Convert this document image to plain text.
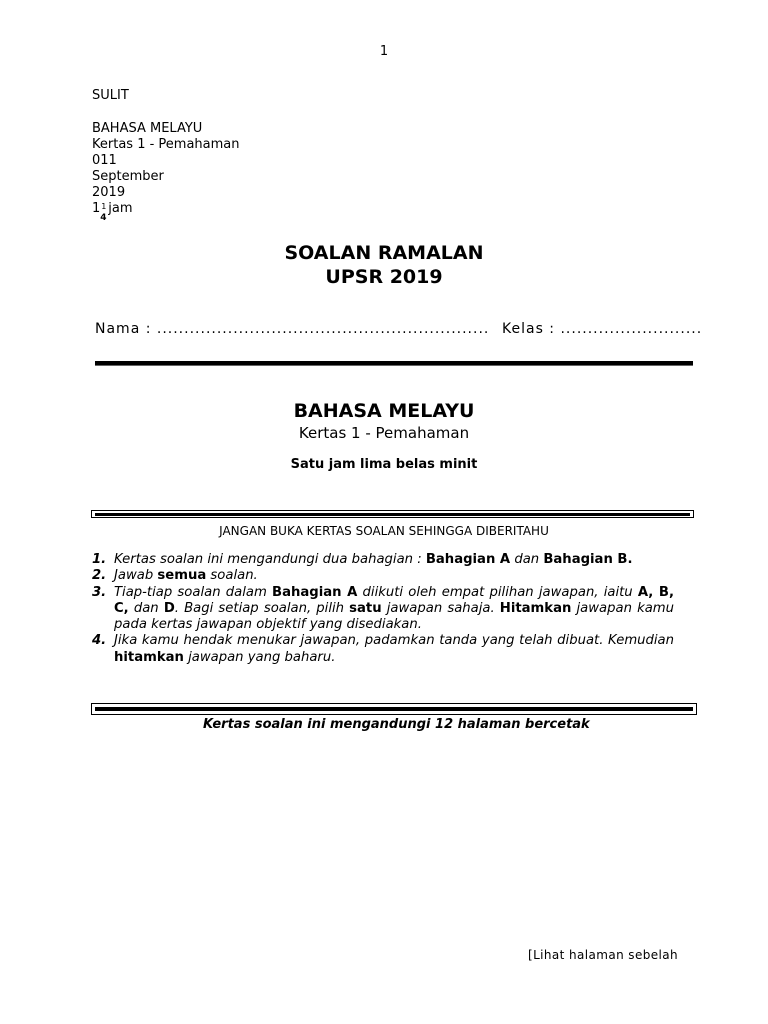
1
SULIT
BAHASA MELAYU
Kertas 1 - Pemahaman
011
September
2019
1 1
4
jam
SOALAN RAMALAN
UPSR 2019
Nama : ............................................................. Kelas : ..........................
BAHASA MELAYU
Kertas 1 - Pemahaman
Satu jam lima belas minit
JANGAN BUKA KERTAS SOALAN SEHINGGA DIBERITAHU
1. Kertas soalan ini mengandungi dua bahagian : Bahagian A dan Bahagian B.
2. Jawab semua soalan.
3. Tiap-tiap soalan dalam Bahagian A diikuti oleh empat pilihan jawapan, iaitu A, B, C, dan D. Bagi setiap soalan, pilih satu jawapan sahaja. Hitamkan jawapan kamu pada kertas jawapan objektif yang disediakan.
4. Jika kamu hendak menukar jawapan, padamkan tanda yang telah dibuat. Kemudian hitamkan jawapan yang baharu.
Kertas soalan ini mengandungi 12 halaman bercetak
[Lihat halaman sebelah
